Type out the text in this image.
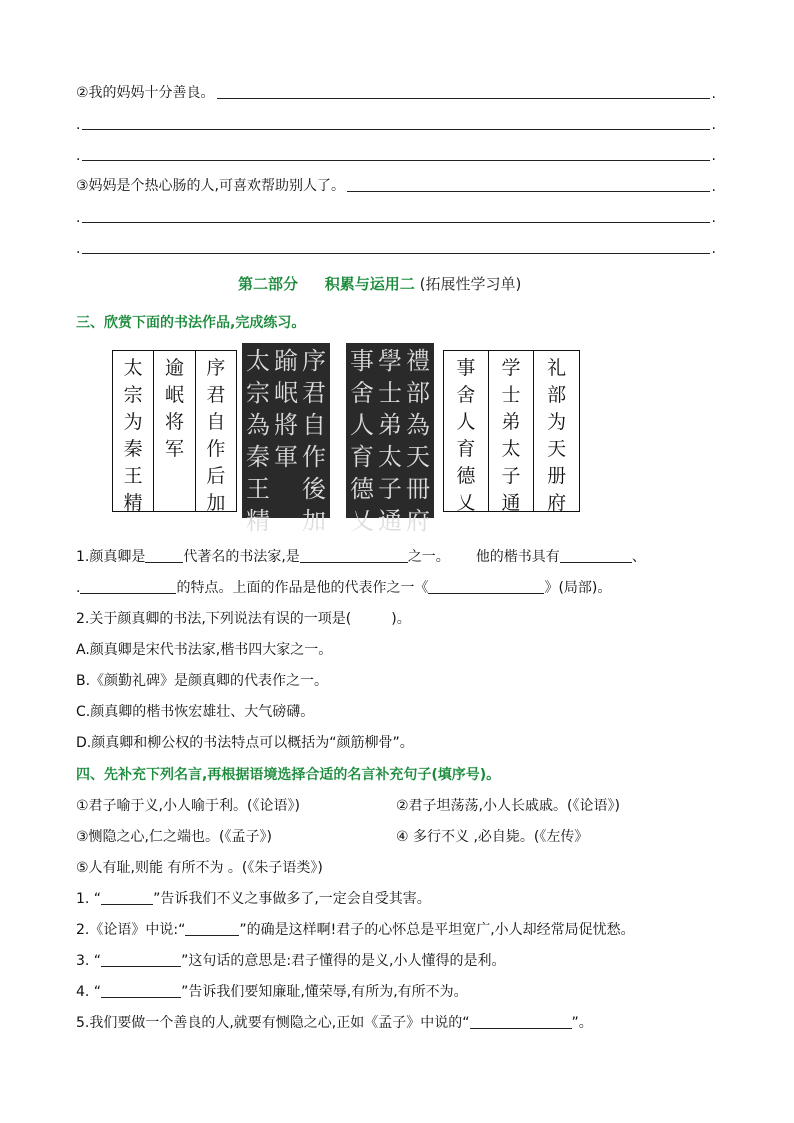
②我的妈妈十分善良。	.
.	.
.	.
③妈妈是个热心肠的人,可喜欢帮助别人了。	.
.	.
.	.
第二部分 积累与运用二 (拓展性学习单)
三、欣赏下面的书法作品,完成练习。
太
宗
为
秦
王
精
逾
岷
将
军
序
君
自
作
后
加
太
宗
為
秦
王
精
踰
岷
將
軍
序
君
自
作
後
加
事
舍
人
育
德
乂
學
士
弟
太
子
通
禮
部
為
天
冊
府
事
舍
人
育
德
乂
学
士
弟
太
子
通
礼
部
为
天
册
府
1.颜真卿是	代著名的书法家,是	之一。 他的楷书具有	、
.	的特点。上面的作品是他的代表作之一《	》(局部)。
2.关于颜真卿的书法,下列说法有误的一项是(	)。
A.颜真卿是宋代书法家,楷书四大家之一。
B.《颜勤礼碑》是颜真卿的代表作之一。
C.颜真卿的楷书恢宏雄壮、大气磅礴。
D.颜真卿和柳公权的书法特点可以概括为“颜筋柳骨”。
四、先补充下列名言,再根据语境选择合适的名言补充句子(填序号)。
①君子喻于义,小人喻于利。(《论语》)	②君子坦荡荡,小人长戚戚。(《论语》)
③恻隐之心,仁之端也。(《孟子》)	④ 多行不义 ,必自毙。(《左传》
⑤人有耻,则能 有所不为 。(《朱子语类》)
1. “	”告诉我们不义之事做多了,一定会自受其害。
2.《论语》中说:“	”的确是这样啊!君子的心怀总是平坦宽广,小人却经常局促忧愁。
3. “	”这句话的意思是:君子懂得的是义,小人懂得的是利。
4. “	”告诉我们要知廉耻,懂荣辱,有所为,有所不为。
5.我们要做一个善良的人,就要有恻隐之心,正如《孟子》中说的“	”。
